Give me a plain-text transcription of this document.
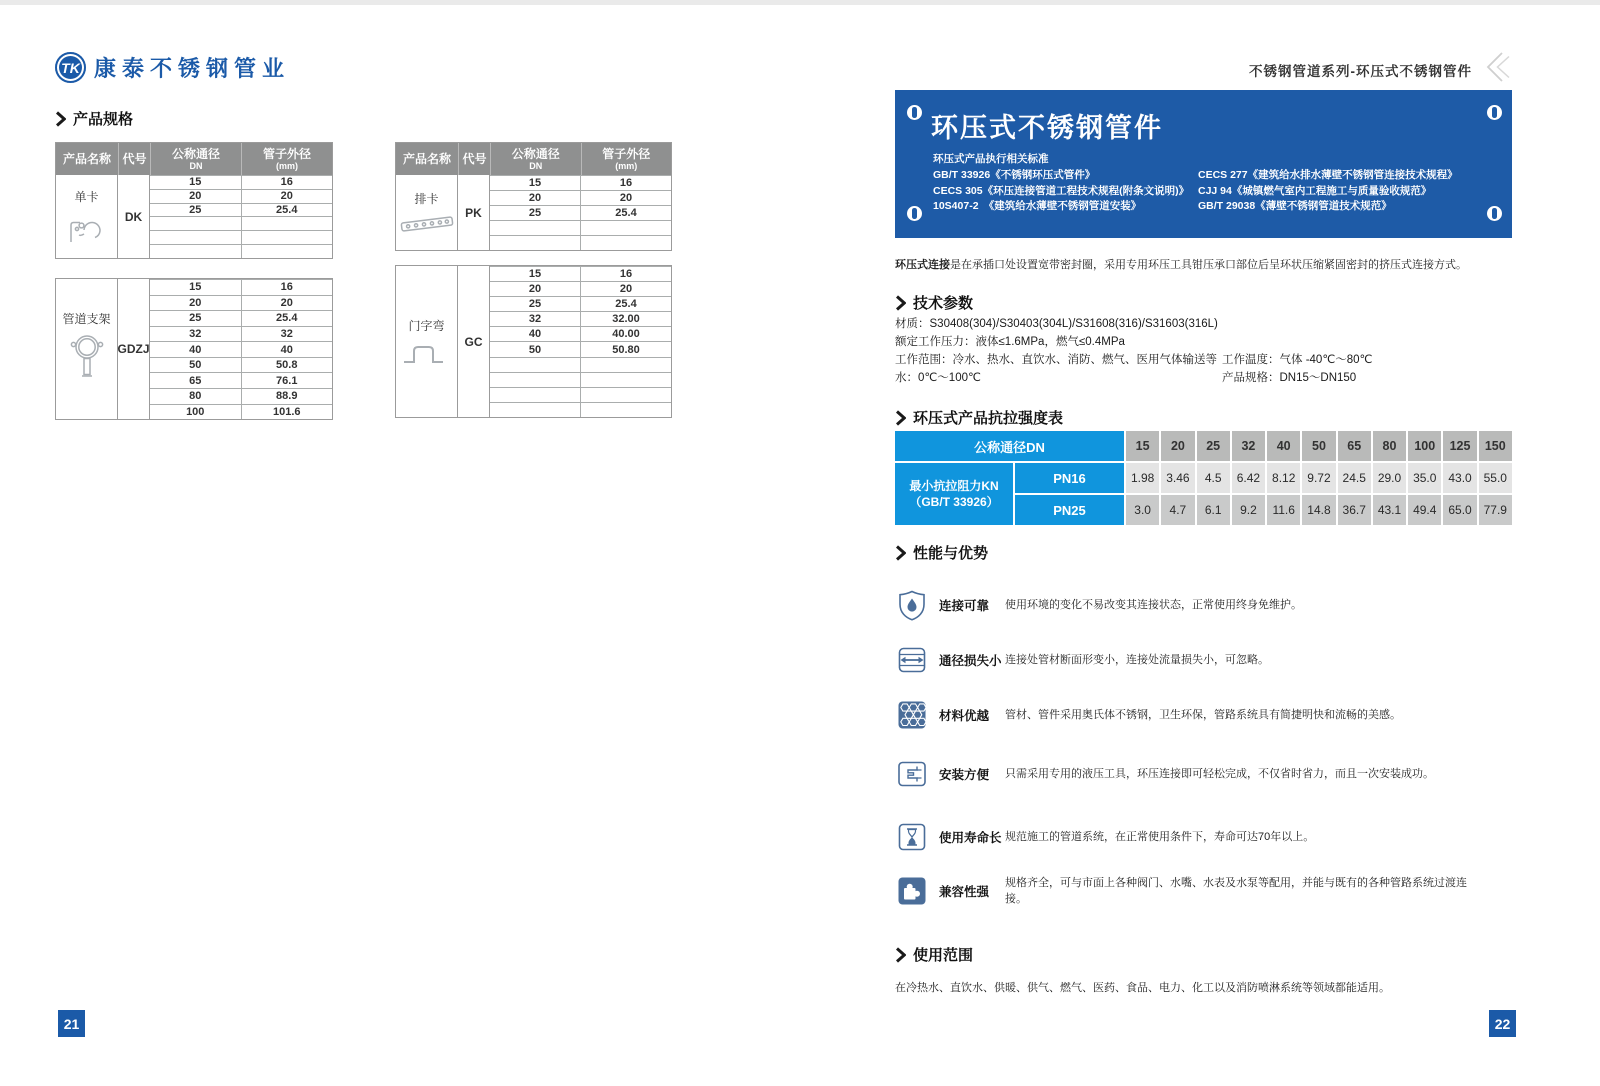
TK 康泰不锈钢管业
产品规格
产品名称 代号 公称通径
DN
管子外径
(mm)
单卡
DK
15	16
20	20
25	25.4
管道支架
GDZJ
15	16
20	20
25	25.4
32	32
40	40
50	50.8
65	76.1
80	88.9
100	101.6
产品名称 代号 公称通径
DN
管子外径
(mm)
排卡
PK
15	16
20	20
25	25.4
门字弯
GC
15	16
20	20
25	25.4
32	32.00
40	40.00
50	50.80
21
不锈钢管道系列-环压式不锈钢管件
环压式不锈钢管件
环压式产品执行相关标准
GB/T 33926《不锈钢环压式管件》
CECS 305《环压连接管道工程技术规程(附条文说明)》
10S407-2　《建筑给水薄壁不锈钢管道安装》
CECS 277《建筑给水排水薄壁不锈钢管连接技术规程》
CJJ 94《城镇燃气室内工程施工与质量验收规范》
GB/T 29038《薄壁不锈钢管道技术规范》
环压式连接是在承插口处设置宽带密封圈，采用专用环压工具钳压承口部位后呈环状压缩紧固密封的挤压式连接方式。
技术参数
材质：S30408(304)/S30403(304L)/S31608(316)/S31603(316L)
额定工作压力：液体≤1.6MPa，燃气≤0.4MPa
工作范围：冷水、热水、直饮水、消防、燃气、医用气体输送等 工作温度：气体 -40℃～80℃
水：0℃～100℃	产品规格：DN15～DN150
环压式产品抗拉强度表
公称通径DN	15	20	25	32	40	50	65	80	100	125	150
最小抗拉阻力KN
（GB/T 33926）
PN16
PN25
1.98 3.46	4.5	6.42 8.12 9.72 24.5 29.0 35.0 43.0 55.0
3.0	4.7	6.1	9.2	11.6	14.8 36.7 43.1 49.4 65.0 77.9
性能与优势
连接可靠	使用环境的变化不易改变其连接状态，正常使用终身免维护。
通径损失小 连接处管材断面形变小，连接处流量损失小，可忽略。
材料优越	管材、管件采用奥氏体不锈钢，卫生环保，管路系统具有简捷明快和流畅的美感。
安装方便	只需采用专用的液压工具，环压连接即可轻松完成，不仅省时省力，而且一次安装成功。
使用寿命长 规范施工的管道系统，在正常使用条件下，寿命可达70年以上。
兼容性强
规格齐全，可与市面上各种阀门、水嘴、水表及水泵等配用，并能与既有的各种管路系统过渡连接。
使用范围
在冷热水、直饮水、供暖、供气、燃气、医药、食品、电力、化工以及消防喷淋系统等领域都能适用。
22
